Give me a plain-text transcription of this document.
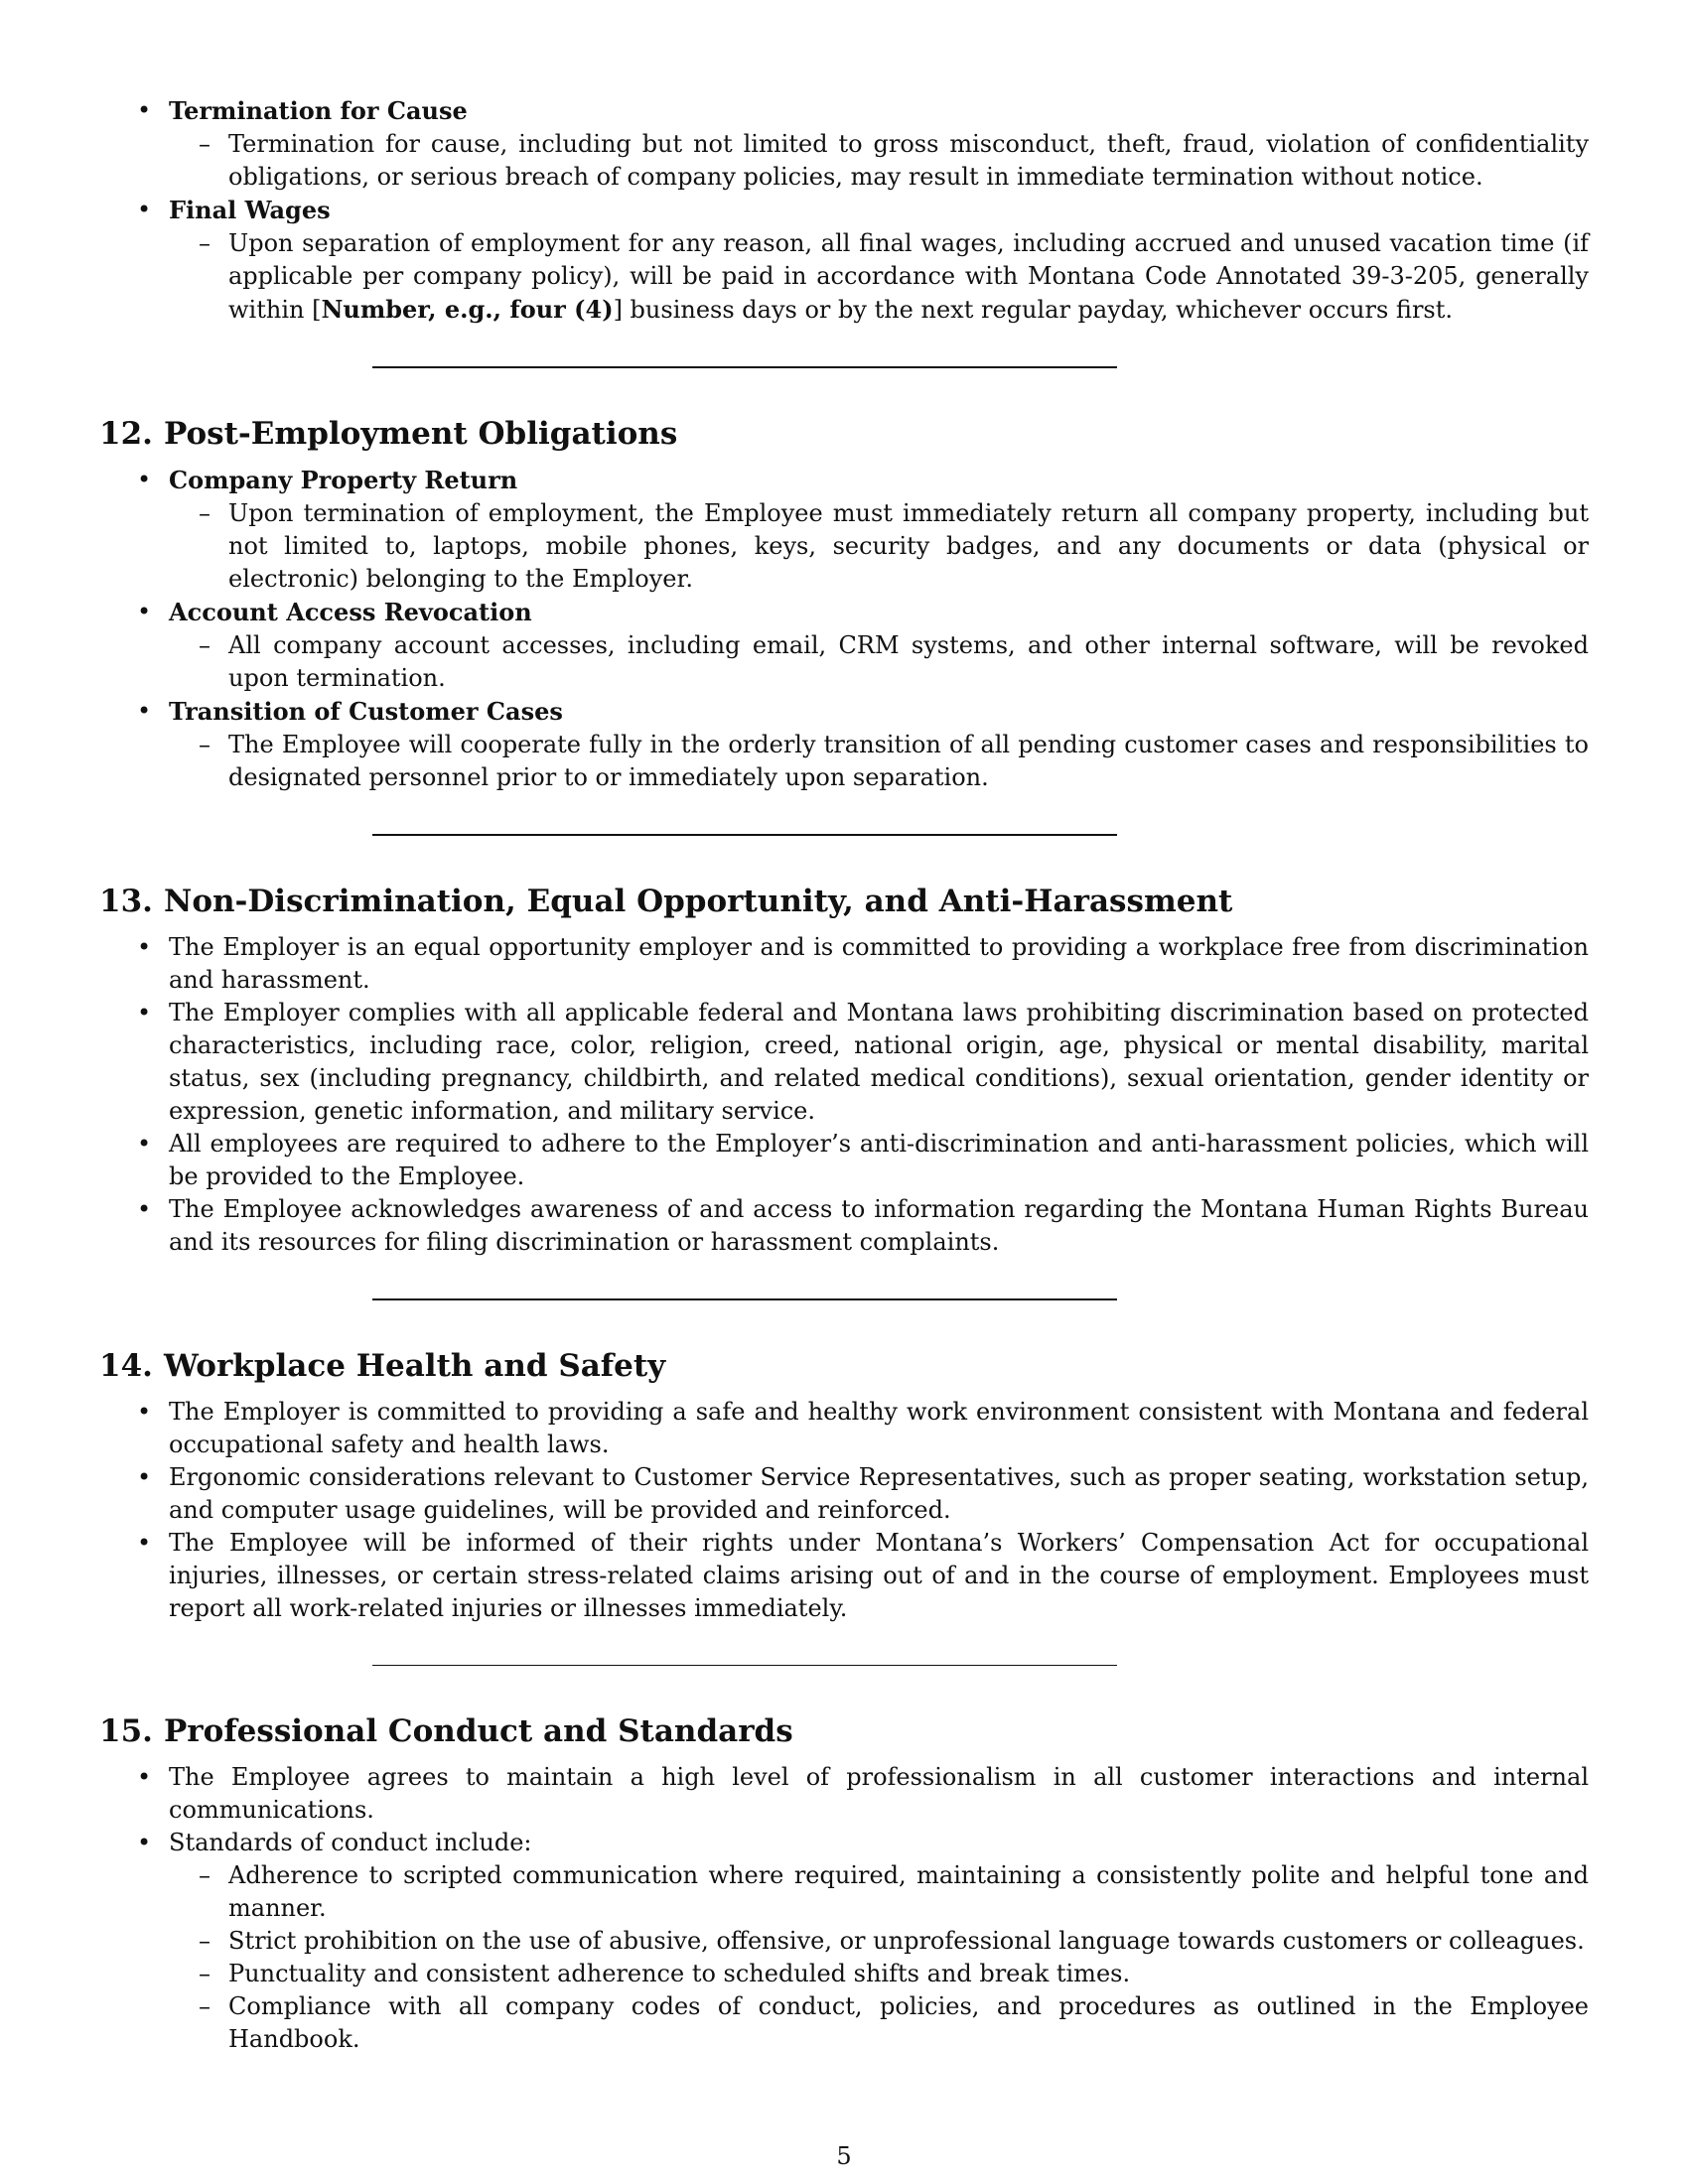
• Termination for Cause
– Termination for cause, including but not limited to gross misconduct, theft, fraud, violation of confidentiality obligations, or serious breach of company policies, may result in immediate termination without notice.
• Final Wages
– Upon separation of employment for any reason, all final wages, including accrued and unused vacation time (if applicable per company policy), will be paid in accordance with Montana Code Annotated 39-3-205, generally within [Number, e.g., four (4)] business days or by the next regular payday, whichever occurs first.
12. Post-Employment Obligations
• Company Property Return
– Upon termination of employment, the Employee must immediately return all company property, including but not limited to, laptops, mobile phones, keys, security badges, and any documents or data (physical or electronic) belonging to the Employer.
• Account Access Revocation
– All company account accesses, including email, CRM systems, and other internal software, will be revoked upon termination.
• Transition of Customer Cases
– The Employee will cooperate fully in the orderly transition of all pending customer cases and responsibilities to designated personnel prior to or immediately upon separation.
13. Non-Discrimination, Equal Opportunity, and Anti-Harassment
• The Employer is an equal opportunity employer and is committed to providing a workplace free from discrimination and harassment.
• The Employer complies with all applicable federal and Montana laws prohibiting discrimination based on protected characteristics, including race, color, religion, creed, national origin, age, physical or mental disability, marital status, sex (including pregnancy, childbirth, and related medical conditions), sexual orientation, gender identity or expression, genetic information, and military service.
• All employees are required to adhere to the Employer’s anti-discrimination and anti-harassment policies, which will be provided to the Employee.
• The Employee acknowledges awareness of and access to information regarding the Montana Human Rights Bureau and its resources for filing discrimination or harassment complaints.
14. Workplace Health and Safety
• The Employer is committed to providing a safe and healthy work environment consistent with Montana and federal occupational safety and health laws.
• Ergonomic considerations relevant to Customer Service Representatives, such as proper seating, workstation setup, and computer usage guidelines, will be provided and reinforced.
• The Employee will be informed of their rights under Montana’s Workers’ Compensation Act for occupational injuries, illnesses, or certain stress-related claims arising out of and in the course of employment. Employees must report all work-related injuries or illnesses immediately.
15. Professional Conduct and Standards
• The Employee agrees to maintain a high level of professionalism in all customer interactions and internal communications.
• Standards of conduct include:
– Adherence to scripted communication where required, maintaining a consistently polite and helpful tone and manner.
– Strict prohibition on the use of abusive, offensive, or unprofessional language towards customers or colleagues.
– Punctuality and consistent adherence to scheduled shifts and break times.
– Compliance with all company codes of conduct, policies, and procedures as outlined in the Employee Handbook.
5
